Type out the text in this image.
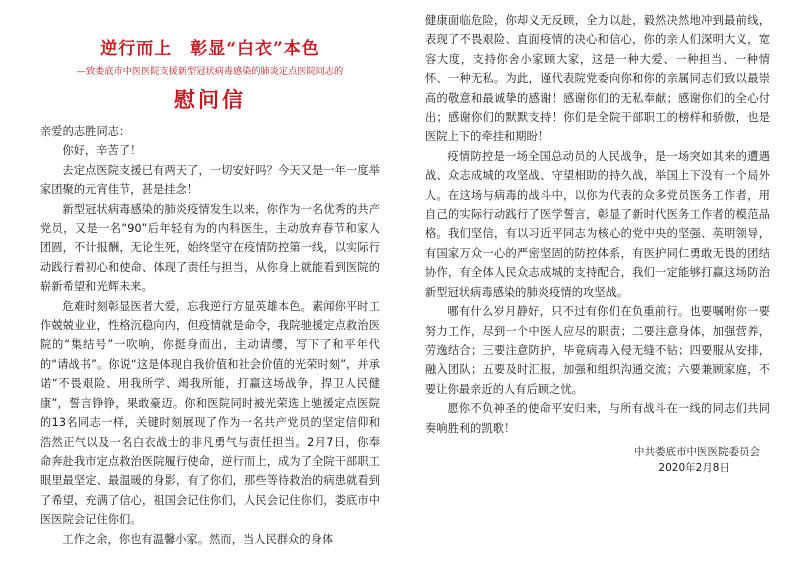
逆行而上　彰显“白衣”本色
—致娄底市中医医院支援新型冠状病毒感染的肺炎定点医院同志的
慰问信

亲爱的志胜同志：

你好，辛苦了！

去定点医院支援已有两天了，一切安好吗？今天又是一年一度举家团聚的元宵佳节，甚是挂念！

新型冠状病毒感染的肺炎疫情发生以来，你作为一名优秀的共产党员，又是一名“90”后年轻有为的内科医生，主动放弃春节和家人团圆，不计报酬，无论生死，始终坚守在疫情防控第一线，以实际行动践行着初心和使命、体现了责任与担当，从你身上就能看到医院的崭新希望和光辉未来。

危难时刻彰显医者大爱，忘我逆行方显英雄本色。素闻你平时工作兢兢业业，性格沉稳向内，但疫情就是命令，我院驰援定点救治医院的“集结号”一吹响，你挺身而出，主动请缨，写下了和平年代的“请战书”。你说“这是体现自我价值和社会价值的光荣时刻”，并承诺“不畏艰险、用我所学、竭我所能，打赢这场战争，捍卫人民健康”，誓言铮铮，果敢豪迈。你和医院同时被光荣选上驰援定点医院的13名同志一样，关键时刻展现了作为一名共产党员的坚定信仰和浩然正气以及一名白衣战士的非凡勇气与责任担当。2月7日，你奉命奔赴我市定点救治医院履行使命，逆行而上，成为了全院干部职工眼里最坚定、最温暖的身影，有了你们，那些等待救治的病患就看到了希望，充满了信心，祖国会记住你们，人民会记住你们，娄底市中医医院会记住你们。

工作之余，你也有温馨小家。然而，当人民群众的身体

健康面临危险，你却义无反顾，全力以赴，毅然决然地冲到最前线，表现了不畏艰险、直面疫情的决心和信心，你的亲人们深明大义，宽容大度，支持你舍小家顾大家，这是一种大爱、一种担当、一种情怀、一种无私。为此，谨代表院党委向你和你的亲属同志们致以最崇高的敬意和最诚挚的感谢！感谢你们的无私奉献；感谢你们的全心付出；感谢你们的默默支持！你们是全院干部职工的榜样和骄傲，也是医院上下的牵挂和期盼！

疫情防控是一场全国总动员的人民战争，是一场突如其来的遭遇战、众志成城的攻坚战、守望相助的持久战，举国上下没有一个局外人。在这场与病毒的战斗中，以你为代表的众多党员医务工作者，用自己的实际行动践行了医学誓言，彰显了新时代医务工作者的模范品格。我们坚信，有以习近平同志为核心的党中央的坚强、英明领导，有国家万众一心的严密坚固的防控体系，有医护同仁勇敢无畏的团结协作，有全体人民众志成城的支持配合，我们一定能够打赢这场防治新型冠状病毒感染的肺炎疫情的攻坚战。

哪有什么岁月静好，只不过有你们在负重前行。也要嘱咐你一要努力工作，尽到一个中医人应尽的职责；二要注意身体，加强营养，劳逸结合；三要注意防护，毕竟病毒入侵无缝不钻；四要服从安排，融入团队；五要及时汇报，加强和组织沟通交流；六要兼顾家庭，不要让你最亲近的人有后顾之忧。

愿你不负神圣的使命平安归来，与所有战斗在一线的同志们共同奏响胜利的凯歌！

中共娄底市中医医院委员会
2020年2月8日
